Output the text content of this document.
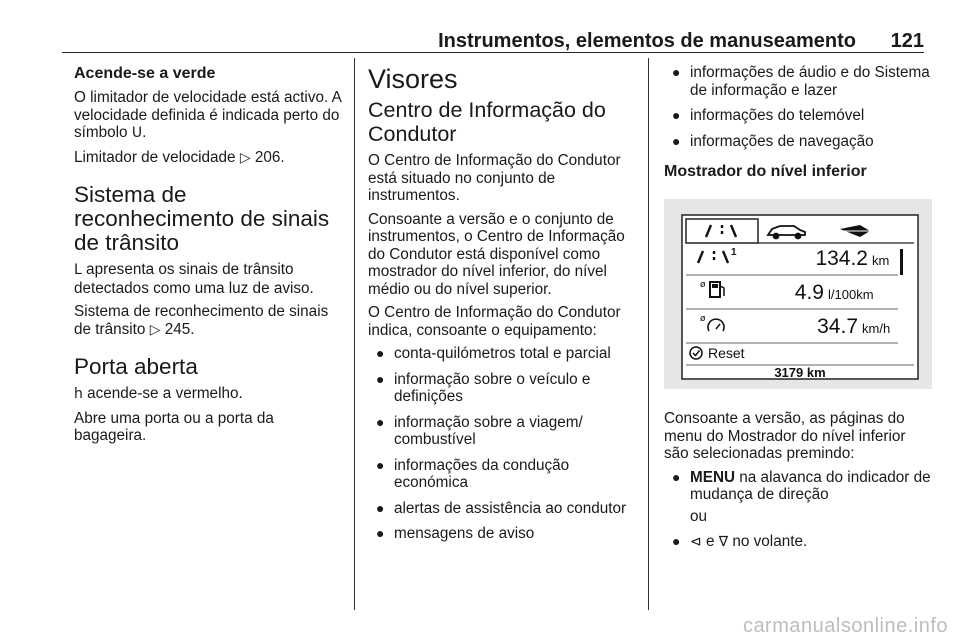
Instrumentos, elementos de manuseamento 121
Acende-se a verde

O limitador de velocidade está activo. A velocidade definida é indicada perto do símbolo U.

Limitador de velocidade ▷ 206.

Sistema de reconhecimento de sinais de trânsito

L apresenta os sinais de trânsito detectados como uma luz de aviso.

Sistema de reconhecimento de sinais de trânsito ▷ 245.

Porta aberta

h acende-se a vermelho.

Abre uma porta ou a porta da bagageira.

Visores
Centro de Informação do Condutor

O Centro de Informação do Condutor está situado no conjunto de instrumentos.

Consoante a versão e o conjunto de instrumentos, o Centro de Informação do Condutor está disponível como mostrador do nível inferior, do nível médio ou do nível superior.

O Centro de Informação do Condutor indica, consoante o equipamento:

● conta-quilómetros total e parcial
● informação sobre o veículo e definições
● informação sobre a viagem/ combustível
● informações da condução económica
● alertas de assistência ao condutor
● mensagens de aviso
● informações de áudio e do Sistema de informação e lazer
● informações do telemóvel
● informações de navegação
Mostrador do nível inferior
1	134.2 km
ø	4.9 l/100km
ø	34.7 km/h
Reset
3179 km

Consoante a versão, as páginas do menu do Mostrador do nível inferior são selecionadas premindo:

● MENU na alavanca do indicador de mudança de direção

ou

● ⊲ e ∇ no volante.
carmanualsonline.info
